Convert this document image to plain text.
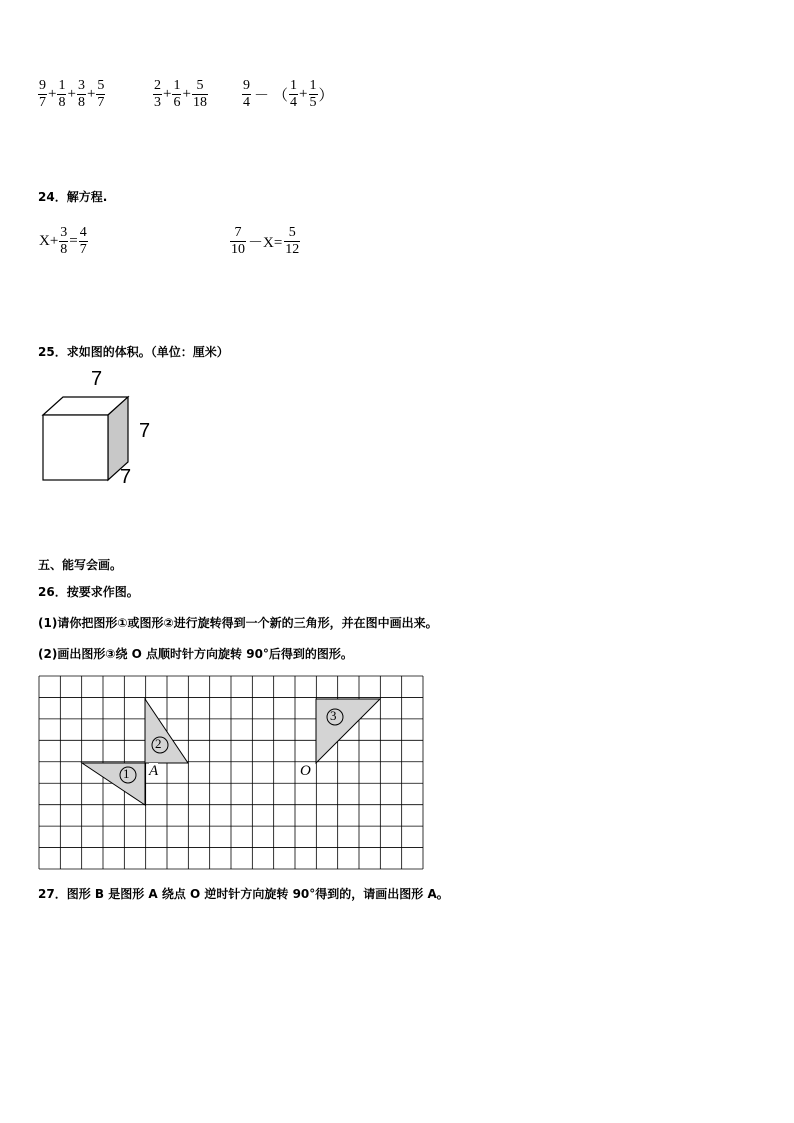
$\frac{9}{7} + \frac{1}{8} + \frac{3}{8} + \frac{5}{7}$	$\frac{2}{3} + \frac{1}{6} + \frac{5}{18} \frac{9}{4}$ － （ $\frac{1}{4} + \frac{1}{5}$ ）
24．解方程.
$X+ \frac{3}{8} = \frac{4}{7}$	$\frac{7}{10} -X= \frac{5}{12}$
25．求如图的体积。（单位：厘米）
7
7
7
五、能写会画。
26．按要求作图。
(1)请你把图形①或图形②进行旋转得到一个新的三角形，并在图中画出来。
(2)画出图形③绕 O 点顺时针方向旋转 90°后得到的图形。
1
2
3
A	O
27．图形 B 是图形 A 绕点 O 逆时针方向旋转 90°得到的，请画出图形 A。
